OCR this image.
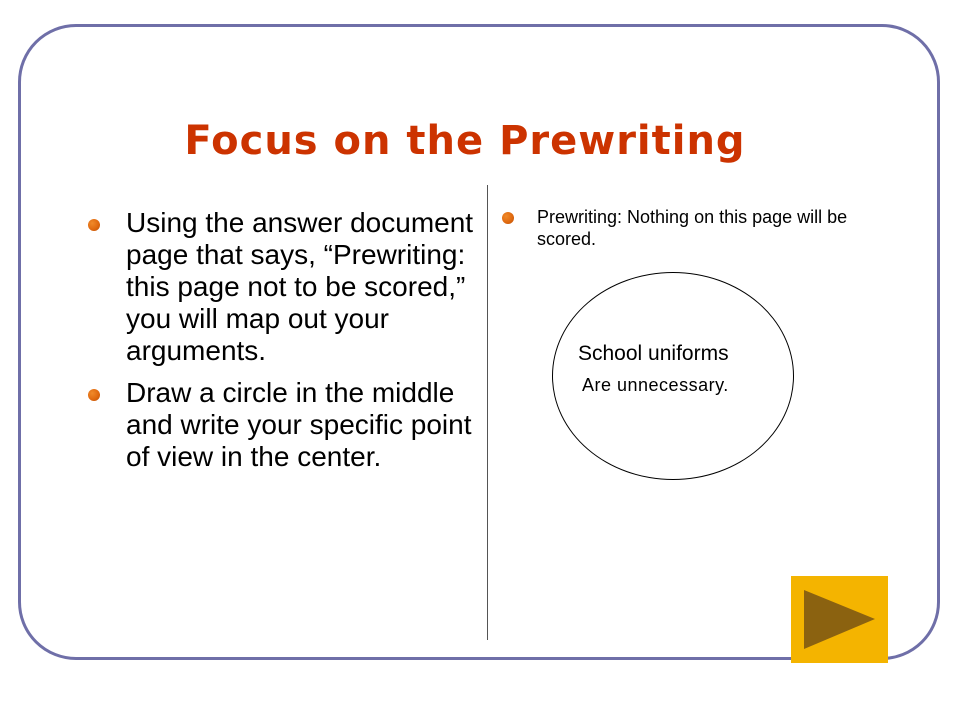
Focus on the Prewriting
Using the answer document page that says, “Prewriting: this page not to be scored,” you will map out your arguments.
Draw a circle in the middle and write your specific point of view in the center.
Prewriting: Nothing on this page will be scored.
School uniforms
Are unnecessary.
